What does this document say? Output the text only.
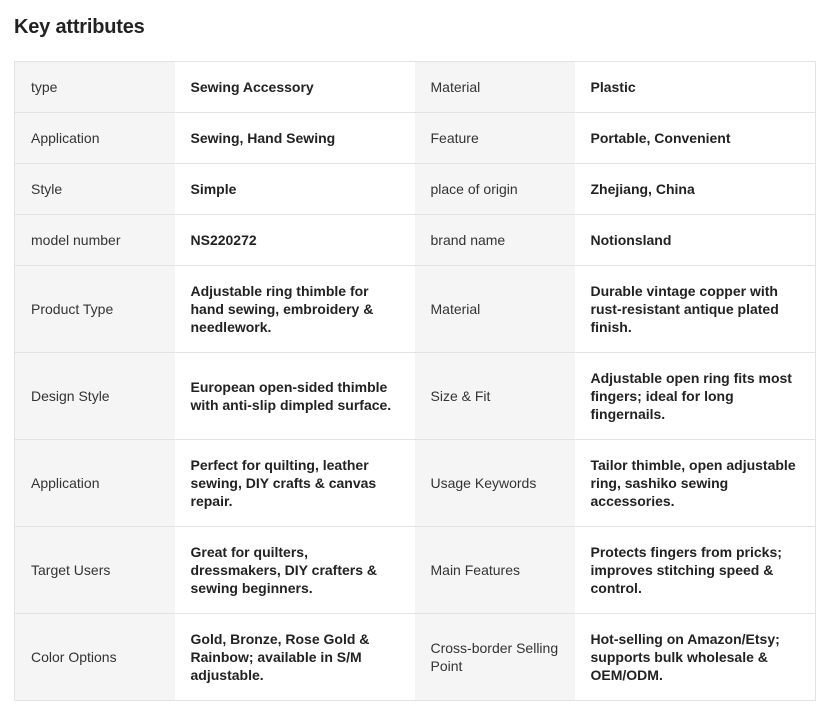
Key attributes
type	Sewing Accessory	Material	Plastic
Application	Sewing, Hand Sewing	Feature	Portable, Convenient
Style	Simple	place of origin	Zhejiang, China
model number	NS220272	brand name	Notionsland
Product Type	Adjustable ring thimble for hand sewing, embroidery & needlework.	Material	Durable vintage copper with rust-resistant antique plated finish.
Design Style	European open-sided thimble with anti-slip dimpled surface.	Size & Fit	Adjustable open ring fits most fingers; ideal for long fingernails.
Application	Perfect for quilting, leather sewing, DIY crafts & canvas repair.	Usage Keywords	Tailor thimble, open adjustable ring, sashiko sewing accessories.
Target Users	Great for quilters, dressmakers, DIY crafters & sewing beginners.	Main Features	Protects fingers from pricks; improves stitching speed & control.
Color Options	Gold, Bronze, Rose Gold & Rainbow; available in S/M adjustable.	Cross-border Selling Point	Hot-selling on Amazon/Etsy; supports bulk wholesale & OEM/ODM.
